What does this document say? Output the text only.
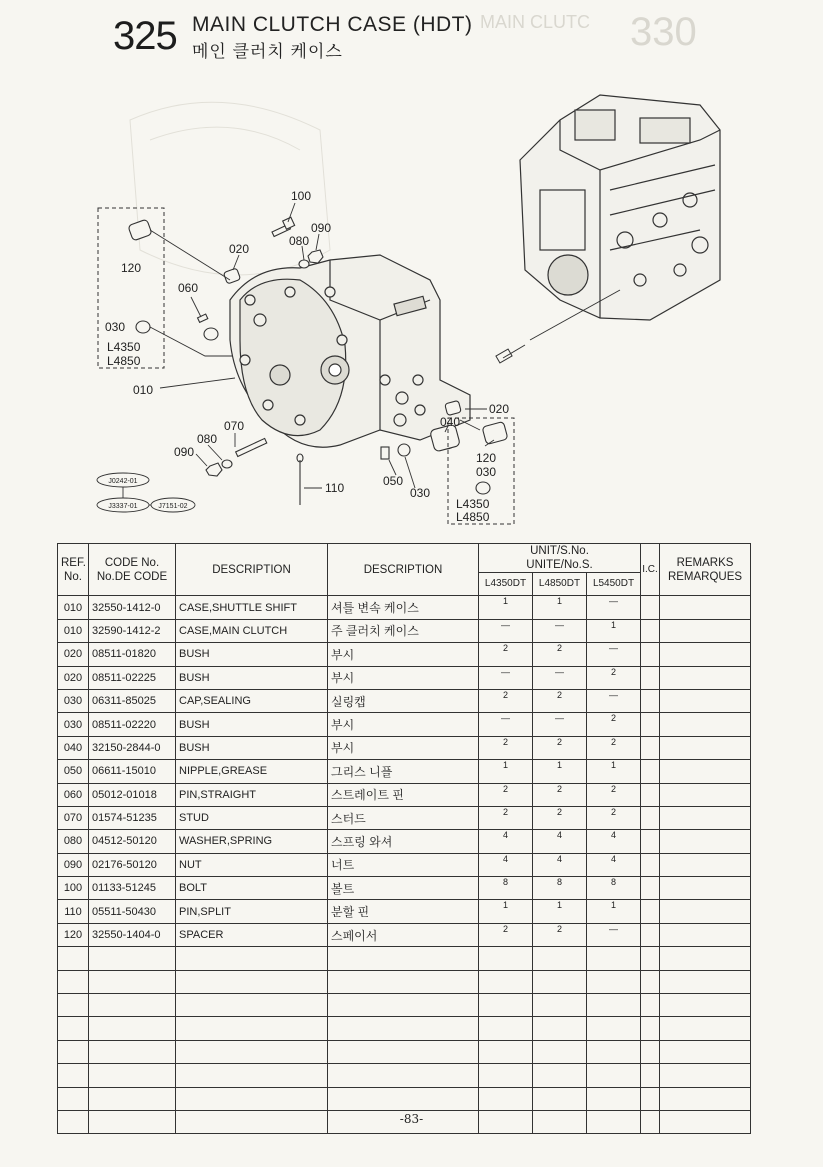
330
MAIN CLUTC
325 MAIN CLUTCH CASE (HDT)
메인 클러치 케이스
100
090
080
020
120
060
030
L4350
L4850
010
070
080
090
110	050
030
040
020
120
030
L4350
L4850
J0242-01
J3337-01	J7151-02
REF.
No.	CODE No.
No.DE CODE	DESCRIPTION	DESCRIPTION	UNIT/S.No.
UNITE/No.S.			I.C.	REMARKS
REMARQUES
				L4350DT	L4850DT	L5450DT		
010	32550-1412-0	CASE,SHUTTLE SHIFT	셔틀 변속 케이스	1	1	—		
010	32590-1412-2	CASE,MAIN CLUTCH	주 클러치 케이스	—	—	1		
020	08511-01820	BUSH	부시	2	2	—		
020	08511-02225	BUSH	부시	—	—	2		
030	06311-85025	CAP,SEALING	실링캡	2	2	—		
030	08511-02220	BUSH	부시	—	—	2		
040	32150-2844-0	BUSH	부시	2	2	2		
050	06611-15010	NIPPLE,GREASE	그리스 니플	1	1	1		
060	05012-01018	PIN,STRAIGHT	스트레이트 핀	2	2	2		
070	01574-51235	STUD	스터드	2	2	2		
080	04512-50120	WASHER,SPRING	스프링 와셔	4	4	4		
090	02176-50120	NUT	너트	4	4	4		
100	01133-51245	BOLT	볼트	8	8	8		
110	05511-50430	PIN,SPLIT	분할 핀	1	1	1		
120	32550-1404-0	SPACER	스페이서	2	2	—		

-83-
